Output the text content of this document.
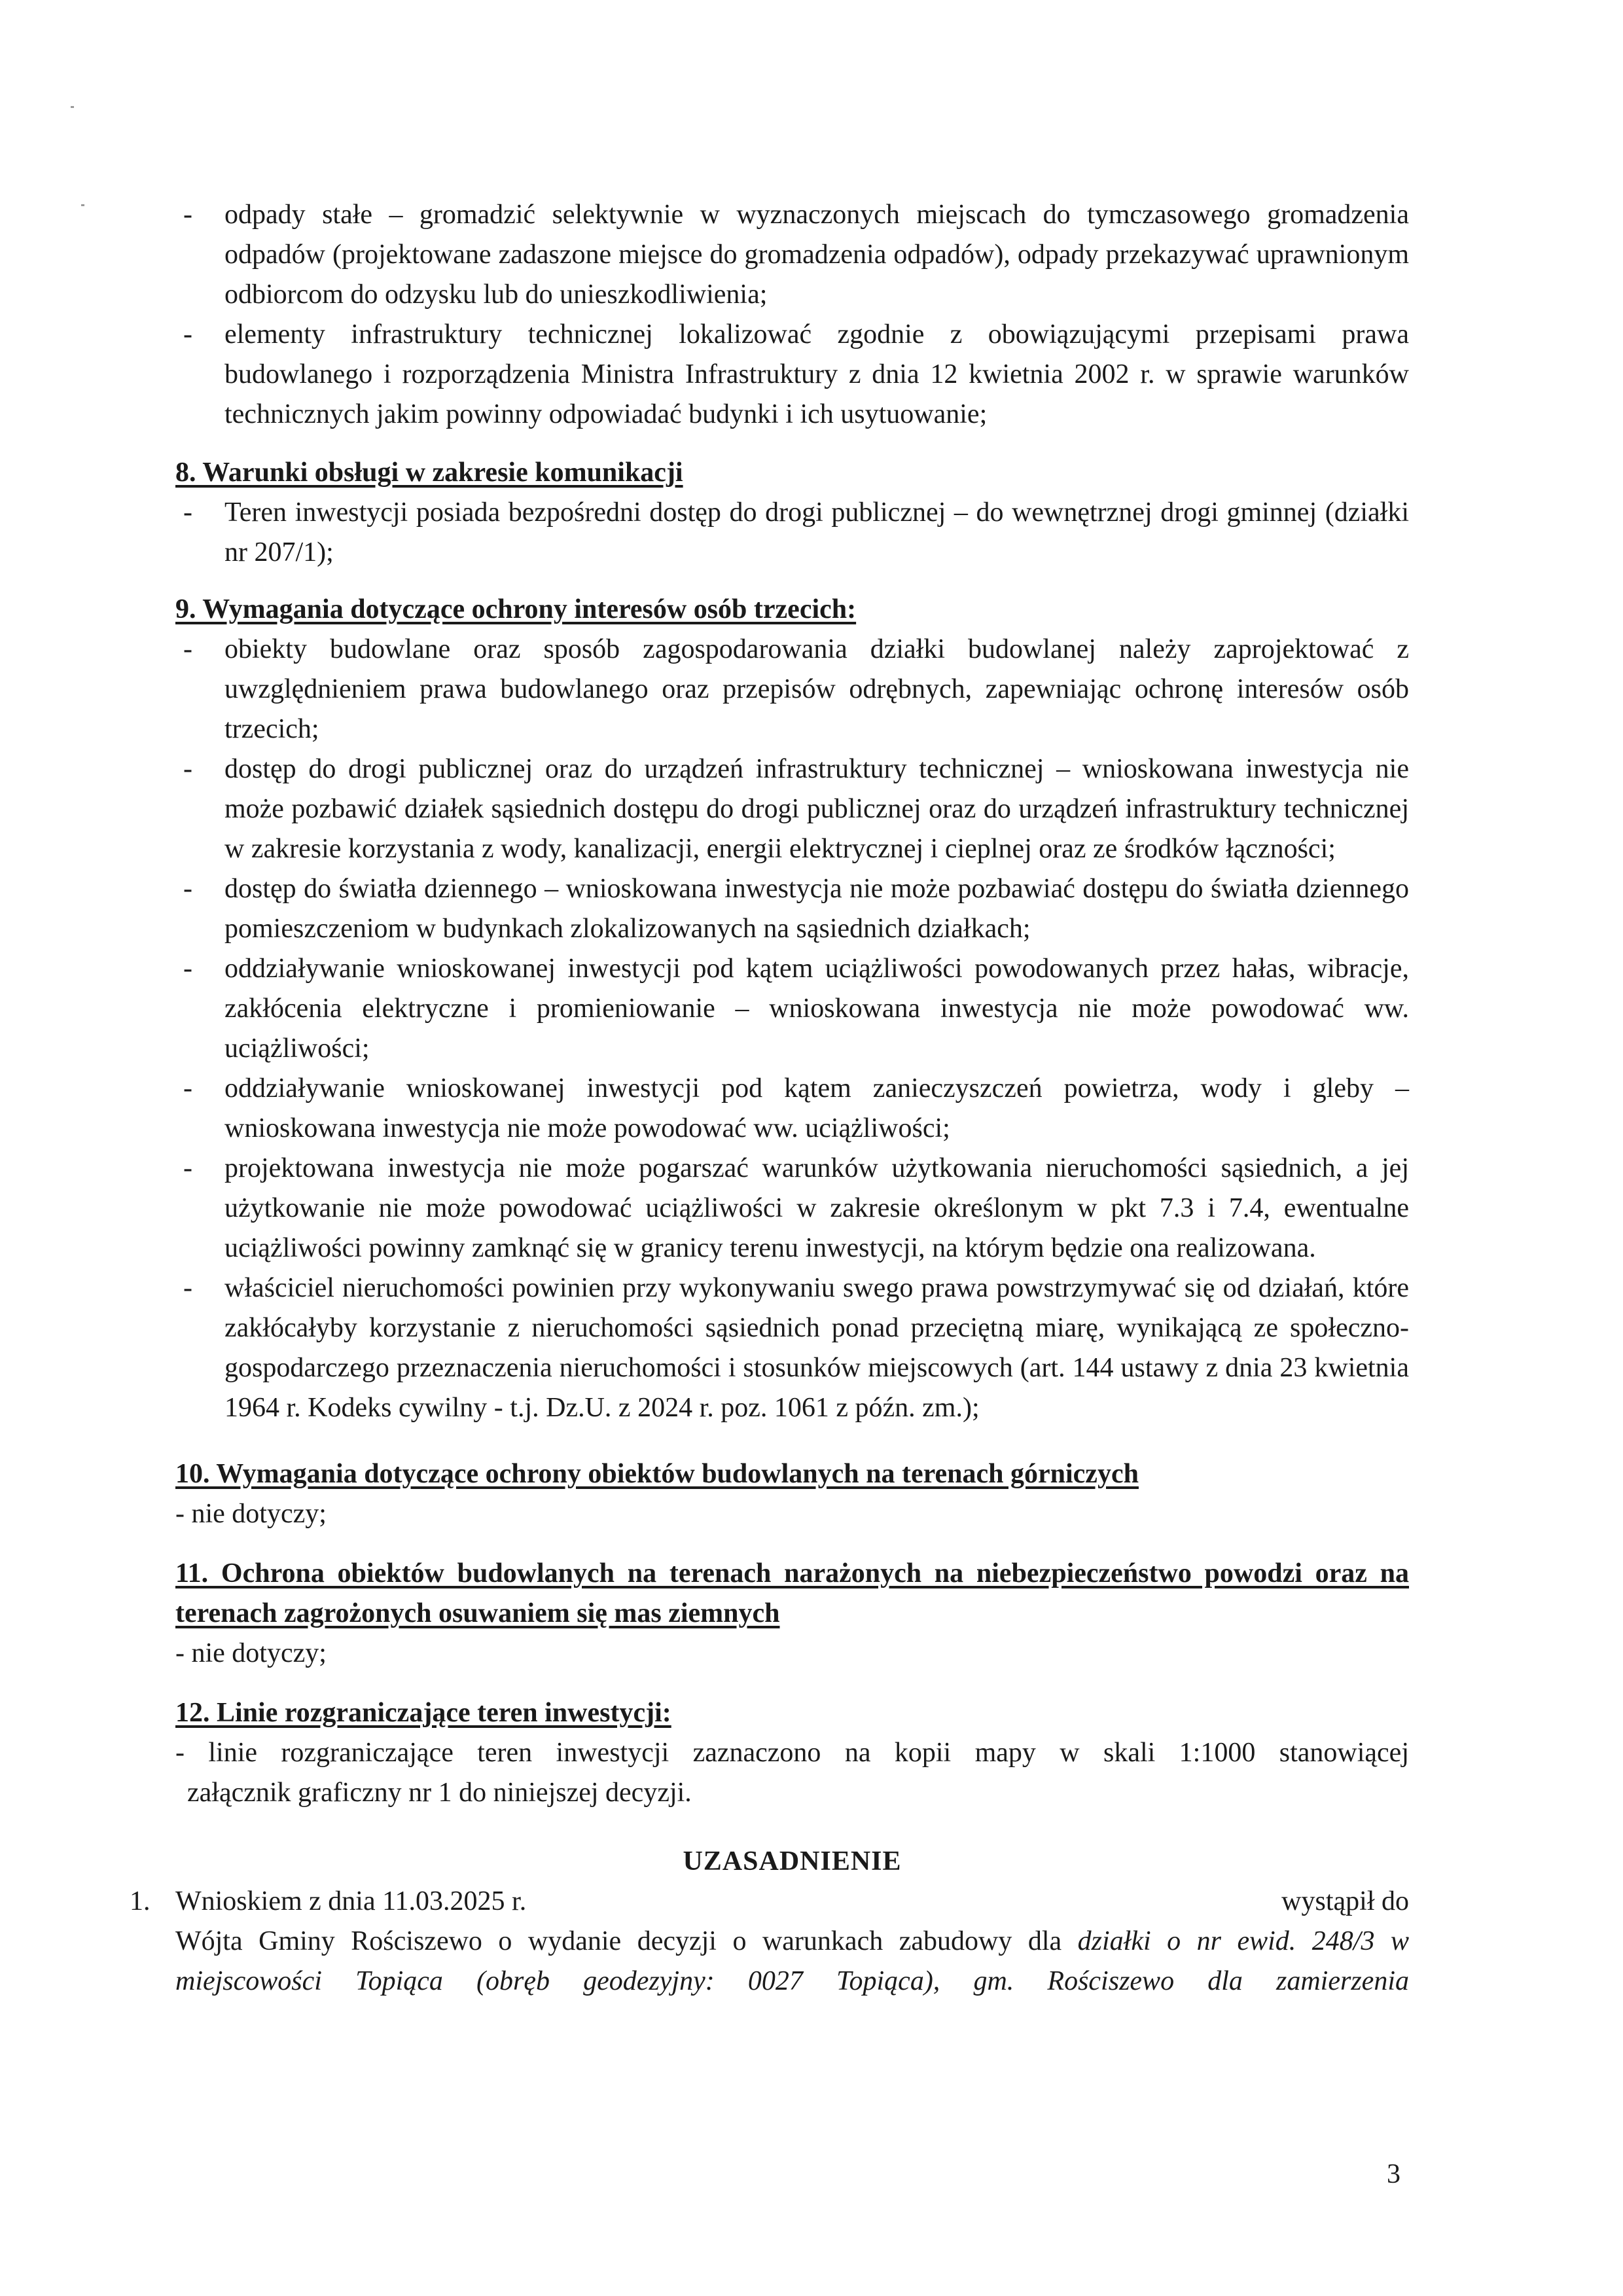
- odpady stałe – gromadzić selektywnie w wyznaczonych miejscach do tymczasowego gromadzenia odpadów (projektowane zadaszone miejsce do gromadzenia odpadów), odpady przekazywać uprawnionym odbiorcom do odzysku lub do unieszkodliwienia;
- elementy infrastruktury technicznej lokalizować zgodnie z obowiązującymi przepisami prawa budowlanego i rozporządzenia Ministra Infrastruktury z dnia 12 kwietnia 2002 r. w sprawie warunków technicznych jakim powinny odpowiadać budynki i ich usytuowanie;
8. Warunki obsługi w zakresie komunikacji
- Teren inwestycji posiada bezpośredni dostęp do drogi publicznej – do wewnętrznej drogi gminnej (działki nr 207/1);
9. Wymagania dotyczące ochrony interesów osób trzecich:
- obiekty budowlane oraz sposób zagospodarowania działki budowlanej należy zaprojektować z uwzględnieniem prawa budowlanego oraz przepisów odrębnych, zapewniając ochronę interesów osób trzecich;
- dostęp do drogi publicznej oraz do urządzeń infrastruktury technicznej – wnioskowana inwestycja nie może pozbawić działek sąsiednich dostępu do drogi publicznej oraz do urządzeń infrastruktury technicznej w zakresie korzystania z wody, kanalizacji, energii elektrycznej i cieplnej oraz ze środków łączności;
- dostęp do światła dziennego – wnioskowana inwestycja nie może pozbawiać dostępu do światła dziennego pomieszczeniom w budynkach zlokalizowanych na sąsiednich działkach;
- oddziaływanie wnioskowanej inwestycji pod kątem uciążliwości powodowanych przez hałas, wibracje, zakłócenia elektryczne i promieniowanie – wnioskowana inwestycja nie może powodować ww. uciążliwości;
- oddziaływanie wnioskowanej inwestycji pod kątem zanieczyszczeń powietrza, wody i gleby – wnioskowana inwestycja nie może powodować ww. uciążliwości;
- projektowana inwestycja nie może pogarszać warunków użytkowania nieruchomości sąsiednich, a jej użytkowanie nie może powodować uciążliwości w zakresie określonym w pkt 7.3 i 7.4, ewentualne uciążliwości powinny zamknąć się w granicy terenu inwestycji, na którym będzie ona realizowana.
- właściciel nieruchomości powinien przy wykonywaniu swego prawa powstrzymywać się od działań, które zakłócałyby korzystanie z nieruchomości sąsiednich ponad przeciętną miarę, wynikającą ze społeczno-gospodarczego przeznaczenia nieruchomości i stosunków miejscowych (art. 144 ustawy z dnia 23 kwietnia 1964 r. Kodeks cywilny - t.j. Dz.U. z 2024 r. poz. 1061 z późn. zm.);
10. Wymagania dotyczące ochrony obiektów budowlanych na terenach górniczych
- nie dotyczy;
11. Ochrona obiektów budowlanych na terenach narażonych na niebezpieczeństwo powodzi oraz na terenach zagrożonych osuwaniem się mas ziemnych
- nie dotyczy;
12. Linie rozgraniczające teren inwestycji:
- linie rozgraniczające teren inwestycji zaznaczono na kopii mapy w skali 1:1000 stanowiącej
załącznik graficzny nr 1 do niniejszej decyzji.
UZASADNIENIE
1. Wnioskiem z dnia 11.03.2025 r.	wystąpił do
Wójta Gminy Rościszewo o wydanie decyzji o warunkach zabudowy dla działki o nr ewid. 248/3 w
miejscowości Topiąca (obręb geodezyjny: 0027 Topiąca), gm. Rościszewo dla zamierzenia
3
